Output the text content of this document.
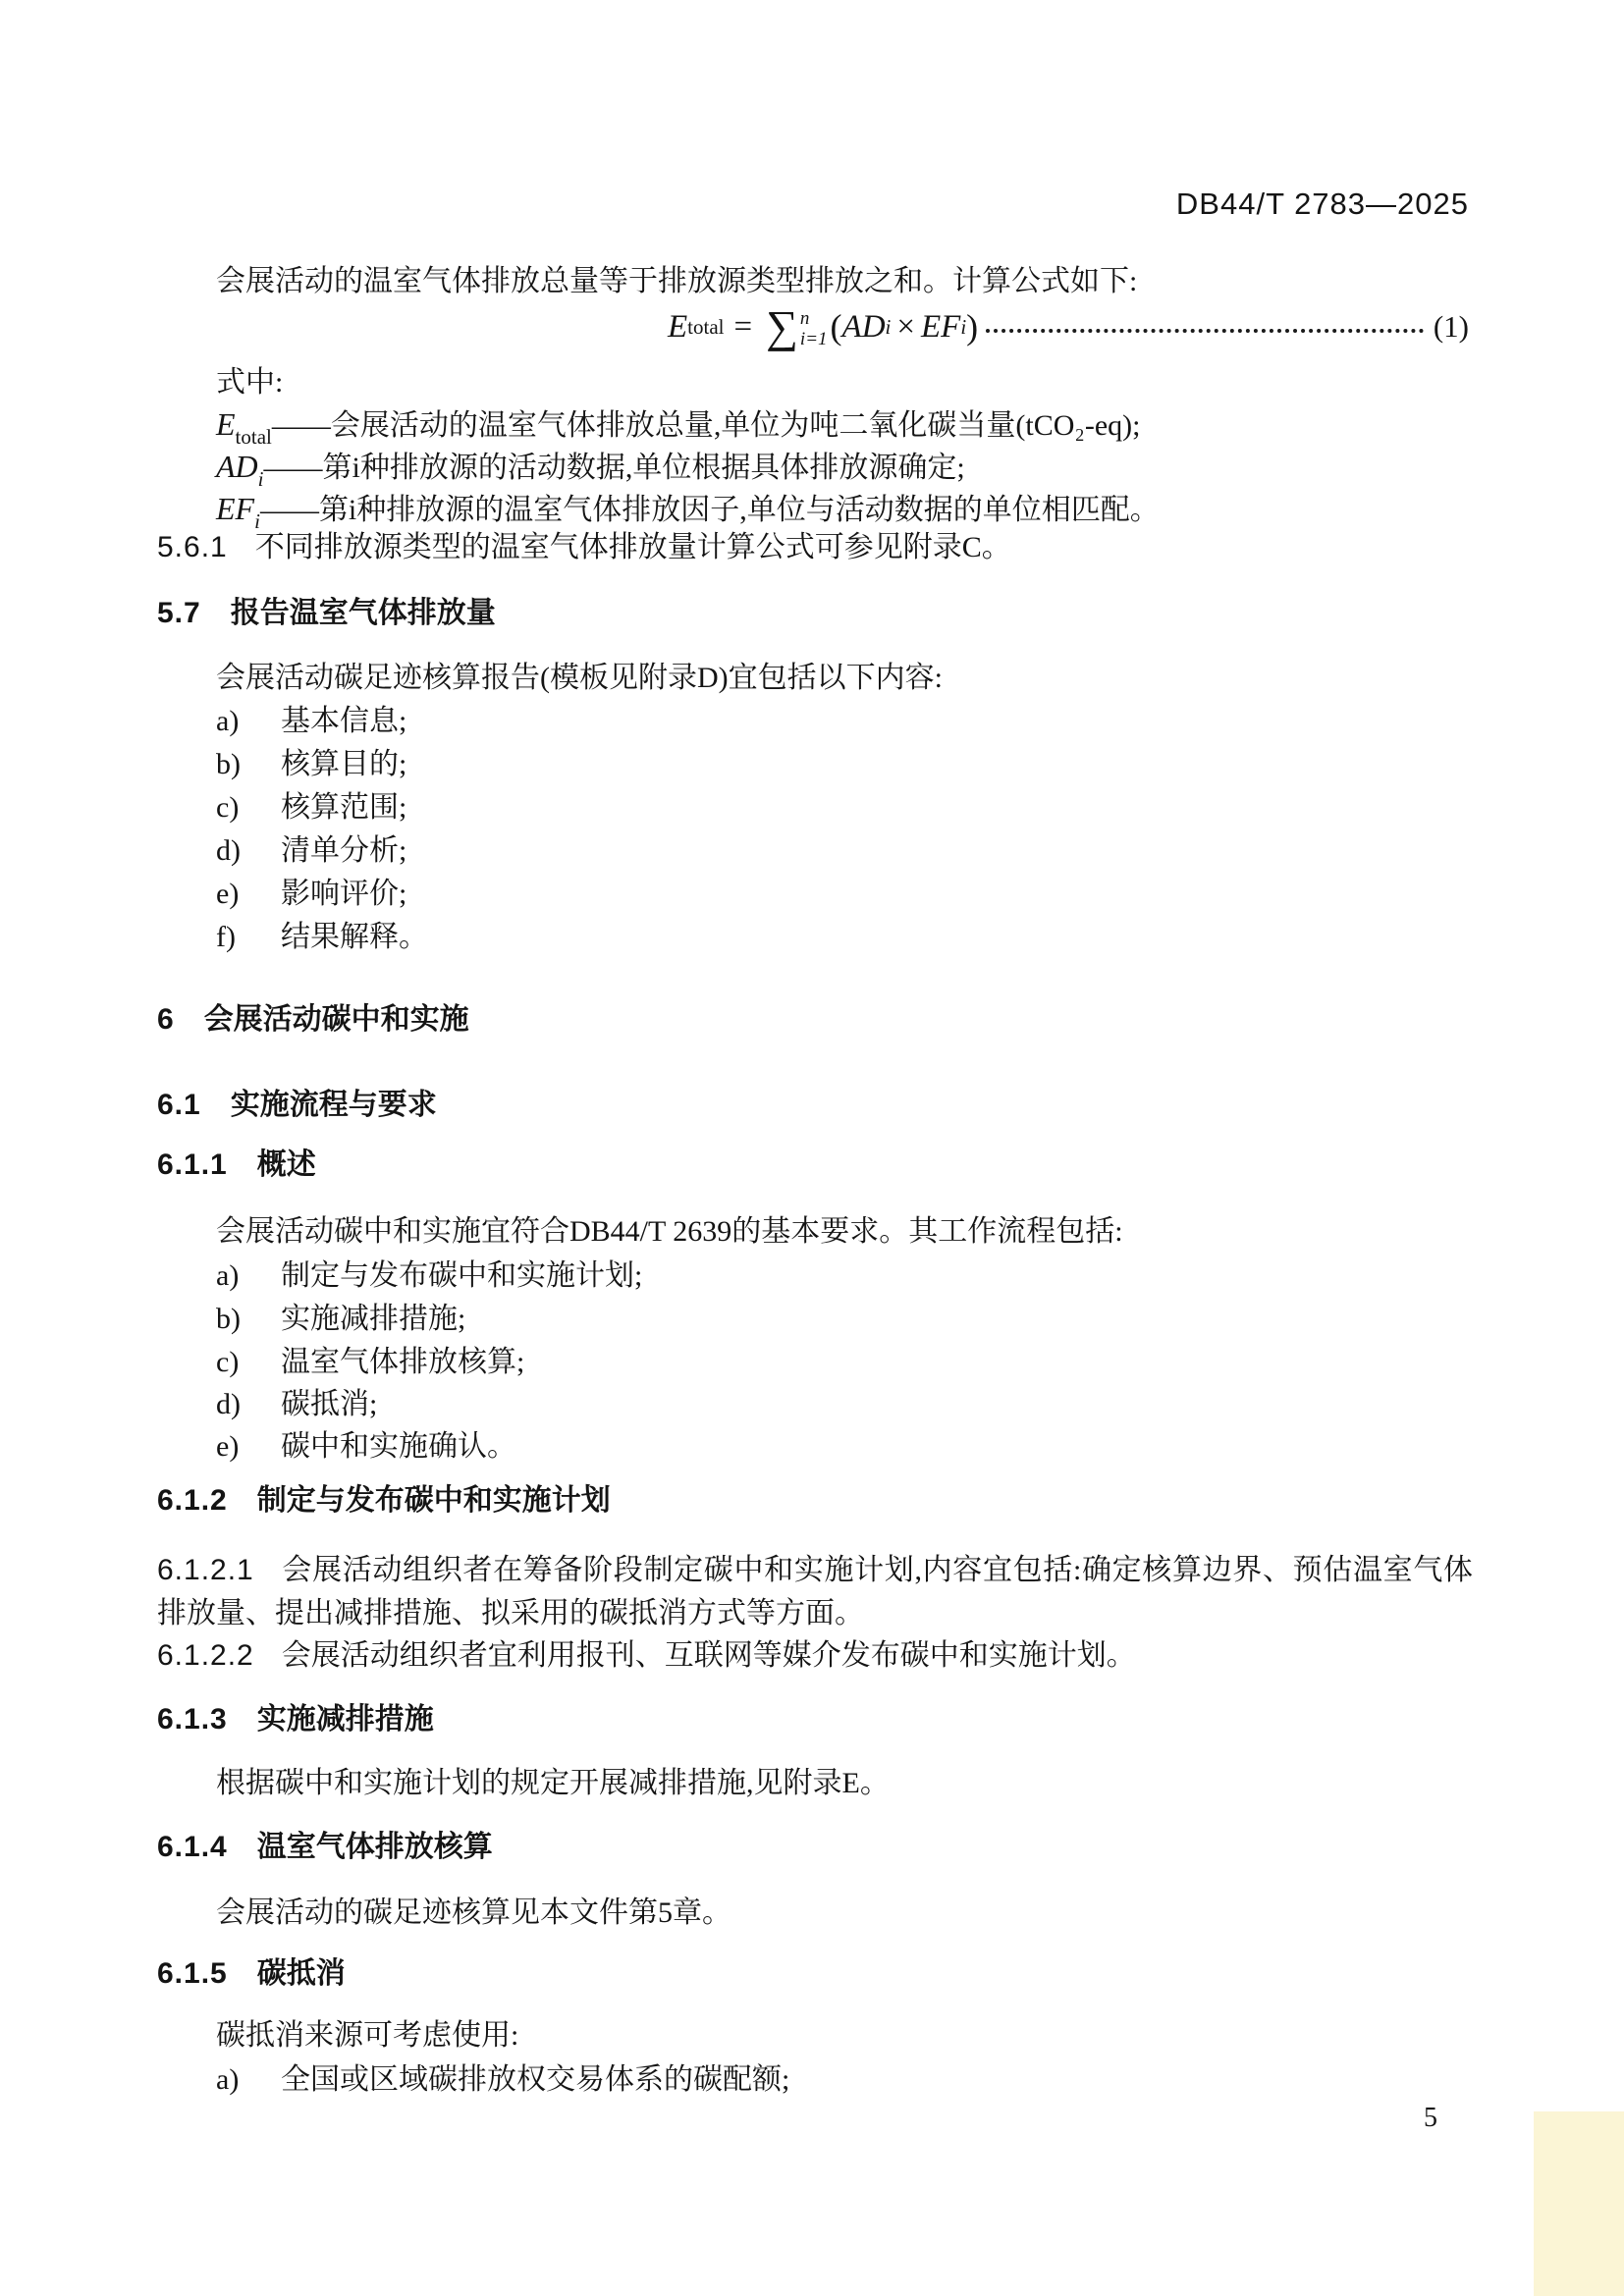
DB44/T 2783—2025
会展活动的温室气体排放总量等于排放源类型排放之和。计算公式如下:
E total = ∑ n
i=1 ( AD i × EF i )	(1)
式中:
$E_{total}——$会展活动的温室气体排放总量,单位为吨二氧化碳当量(tCO₂-eq);
$AD_i——$第i种排放源的活动数据,单位根据具体排放源确定;
$EF_i——$第i种排放源的温室气体排放因子,单位与活动数据的单位相匹配。
5.6.1 不同排放源类型的温室气体排放量计算公式可参见附录C。
5.7 报告温室气体排放量
会展活动碳足迹核算报告(模板见附录D)宜包括以下内容:
a) 基本信息;
b) 核算目的;
c) 核算范围;
d) 清单分析;
e) 影响评价;
f) 结果解释。
6 会展活动碳中和实施
6.1 实施流程与要求
6.1.1 概述
会展活动碳中和实施宜符合DB44/T 2639的基本要求。其工作流程包括:
a) 制定与发布碳中和实施计划;
b) 实施减排措施;
c) 温室气体排放核算;
d) 碳抵消;
e) 碳中和实施确认。
6.1.2 制定与发布碳中和实施计划
6.1.2.1 会展活动组织者在筹备阶段制定碳中和实施计划,内容宜包括:确定核算边界、预估温室气体排放量、提出减排措施、拟采用的碳抵消方式等方面。
6.1.2.2 会展活动组织者宜利用报刊、互联网等媒介发布碳中和实施计划。
6.1.3 实施减排措施
根据碳中和实施计划的规定开展减排措施,见附录E。
6.1.4 温室气体排放核算
会展活动的碳足迹核算见本文件第5章。
6.1.5 碳抵消
碳抵消来源可考虑使用:
a) 全国或区域碳排放权交易体系的碳配额;
5
